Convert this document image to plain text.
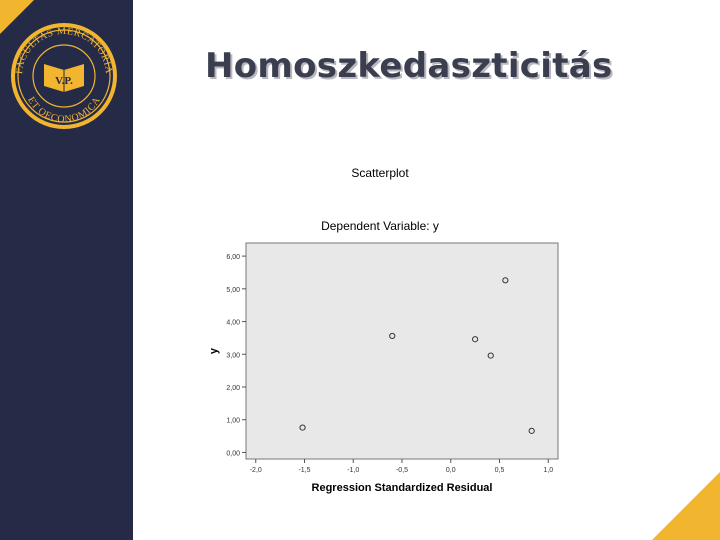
FACULTAS MERCATORIA
ET OECONOMICA
V.P.	Homoszkedaszticitás
Scatterplot
Dependent Variable: y
0,00
1,00
2,00
3,00
4,00
5,00
6,00
-2,0	-1,5	-1,0	-0,5	0,0	0,5	1,0
Regression Standardized Residual
y
